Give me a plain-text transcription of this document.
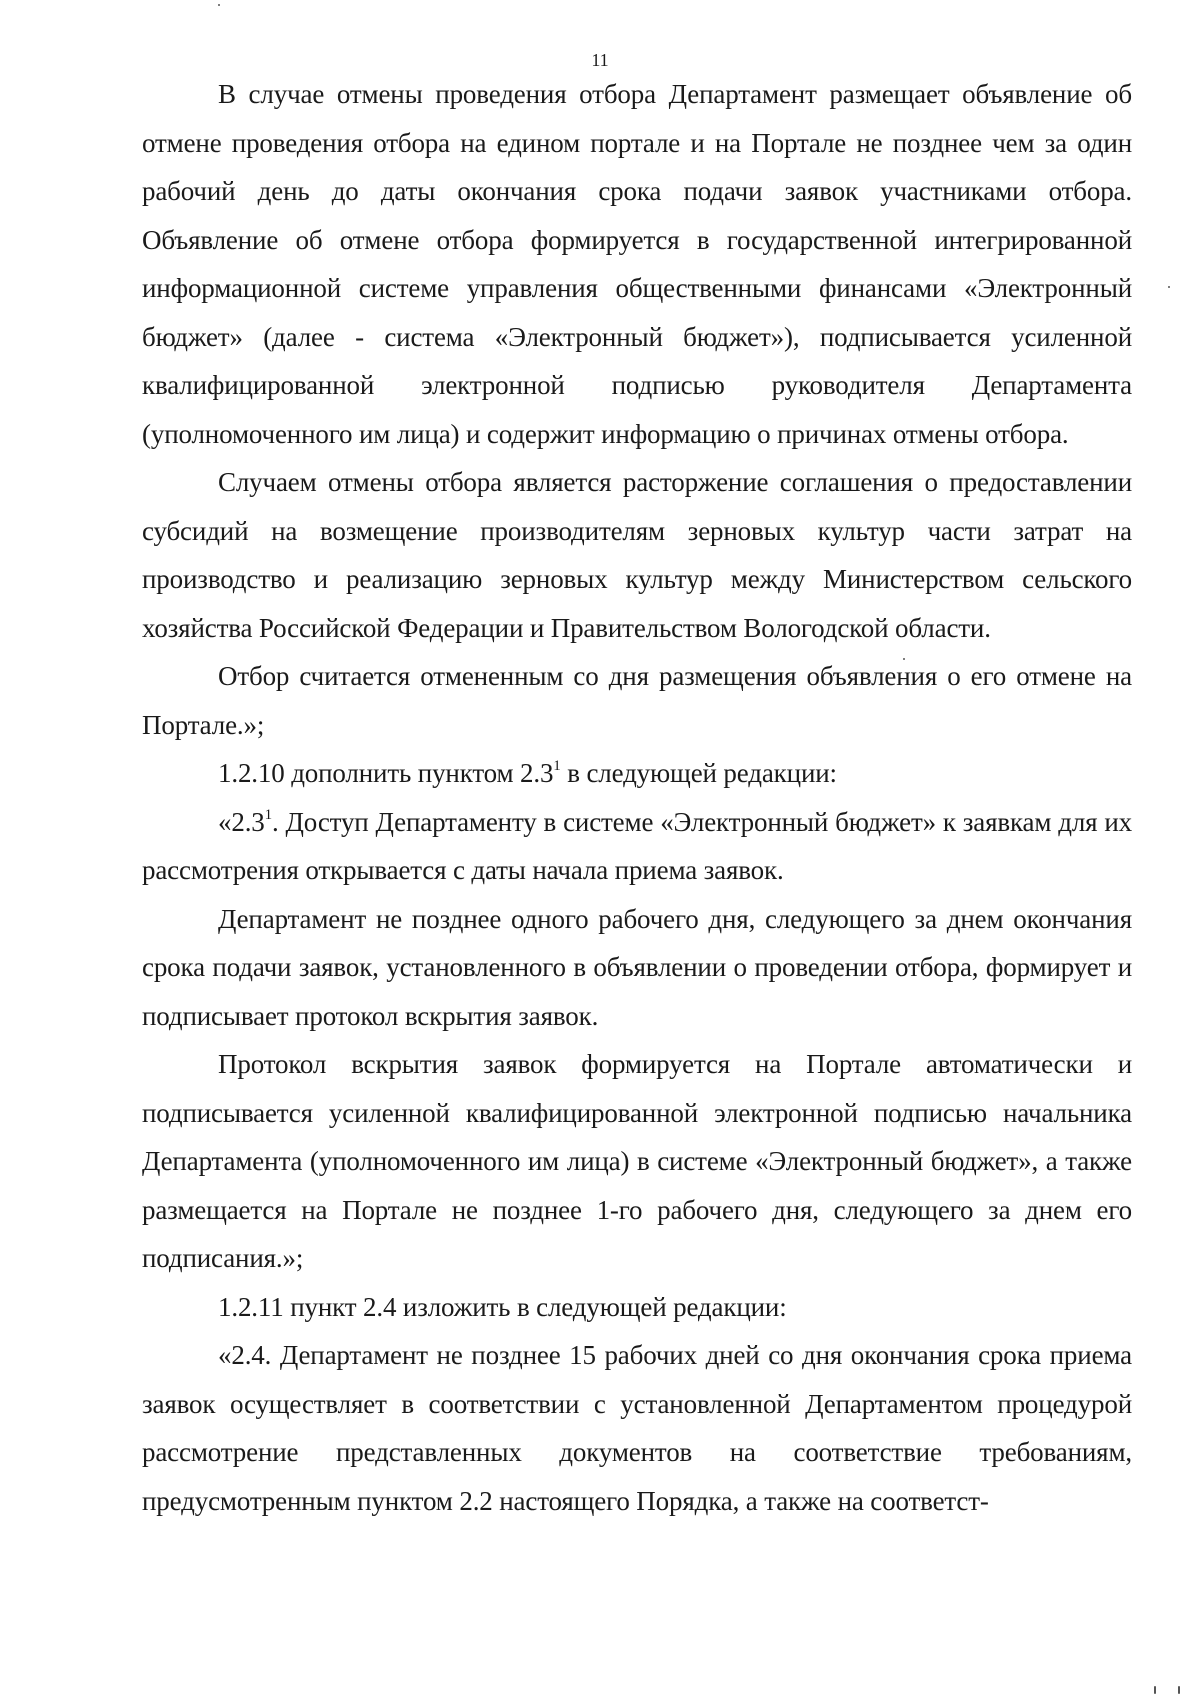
11

В случае отмены проведения отбора Департамент размещает объявление об отмене проведения отбора на едином портале и на Портале не позднее чем за один рабочий день до даты окончания срока подачи заявок участниками отбора. Объявление об отмене отбора формируется в государственной интегрированной информационной системе управления общественными финансами «Электронный бюджет» (далее - система «Электронный бюджет»), подписывается усиленной квалифицированной электронной подписью руководителя Департамента (уполномоченного им лица) и содержит информацию о причинах отмены отбора.

Случаем отмены отбора является расторжение соглашения о предоставлении субсидий на возмещение производителям зерновых культур части затрат на производство и реализацию зерновых культур между Министерством сельского хозяйства Российской Федерации и Правительством Вологодской области.

Отбор считается отмененным со дня размещения объявления о его отмене на Портале.»;

1.2.10 дополнить пунктом $2.3^1$ в следующей редакции:

«$2.3^1$. Доступ Департаменту в системе «Электронный бюджет» к заявкам для их рассмотрения открывается с даты начала приема заявок.

Департамент не позднее одного рабочего дня, следующего за днем окончания срока подачи заявок, установленного в объявлении о проведении отбора, формирует и подписывает протокол вскрытия заявок.

Протокол вскрытия заявок формируется на Портале автоматически и подписывается усиленной квалифицированной электронной подписью начальника Департамента (уполномоченного им лица) в системе «Электронный бюджет», а также размещается на Портале не позднее 1-го рабочего дня, следующего за днем его подписания.»;

1.2.11 пункт 2.4 изложить в следующей редакции:

«2.4. Департамент не позднее 15 рабочих дней со дня окончания срока приема заявок осуществляет в соответствии с установленной Департаментом процедурой рассмотрение представленных документов на соответствие требованиям, предусмотренным пунктом 2.2 настоящего Порядка, а также на соответст-
